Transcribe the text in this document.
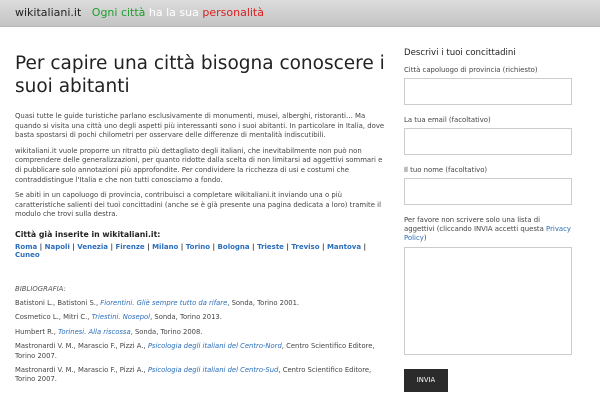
wikitaliani.it Ogni città ha la sua personalità
Per capire una città bisogna conoscere i suoi abitanti

Quasi tutte le guide turistiche parlano esclusivamente di monumenti, musei, alberghi, ristoranti… Ma quando si visita una città uno degli aspetti più interessanti sono i suoi abitanti. In particolare in Italia, dove basta spostarsi di pochi chilometri per osservare delle differenze di mentalità indiscutibili.

wikitaliani.it vuole proporre un ritratto più dettagliato degli italiani, che inevitabilmente non può non comprendere delle generalizzazioni, per quanto ridotte dalla scelta di non limitarsi ad aggettivi sommari e di pubblicare solo annotazioni più approfondite. Per condividere la ricchezza di usi e costumi che contraddistingue l'Italia e che non tutti conosciamo a fondo.

Se abiti in un capoluogo di provincia, contribuisci a completare wikitaliani.it inviando una o più caratteristiche salienti dei tuoi concittadini (anche se è già presente una pagina dedicata a loro) tramite il modulo che trovi sulla destra.

Città già inserite in wikitaliani.it:
Roma | Napoli | Venezia | Firenze | Milano | Torino | Bologna | Trieste | Treviso | Mantova | Cuneo
BIBLIOGRAFIA:
Batistoni L., Batistoni S., Fiorentini. Gliè sempre tutto da rifare, Sonda, Torino 2001.
Cosmetico L., Mitri C., Triestini. Nosepol, Sonda, Torino 2013.
Humbert R., Torinesi. Alla riscossa, Sonda, Torino 2008.
Mastronardi V. M., Marascio F., Pizzi A., Psicologia degli italiani del Centro-Nord, Centro Scientifico Editore, Torino 2007.
Mastronardi V. M., Marascio F., Pizzi A., Psicologia degli italiani del Centro-Sud, Centro Scientifico Editore, Torino 2007.
Descrivi i tuoi concittadini
Città capoluogo di provincia (richiesto)
La tua email (facoltativo)
Il tuo nome (facoltativo)
Per favore non scrivere solo una lista di aggettivi (cliccando INVIA accetti questa Privacy Policy)
INVIA
